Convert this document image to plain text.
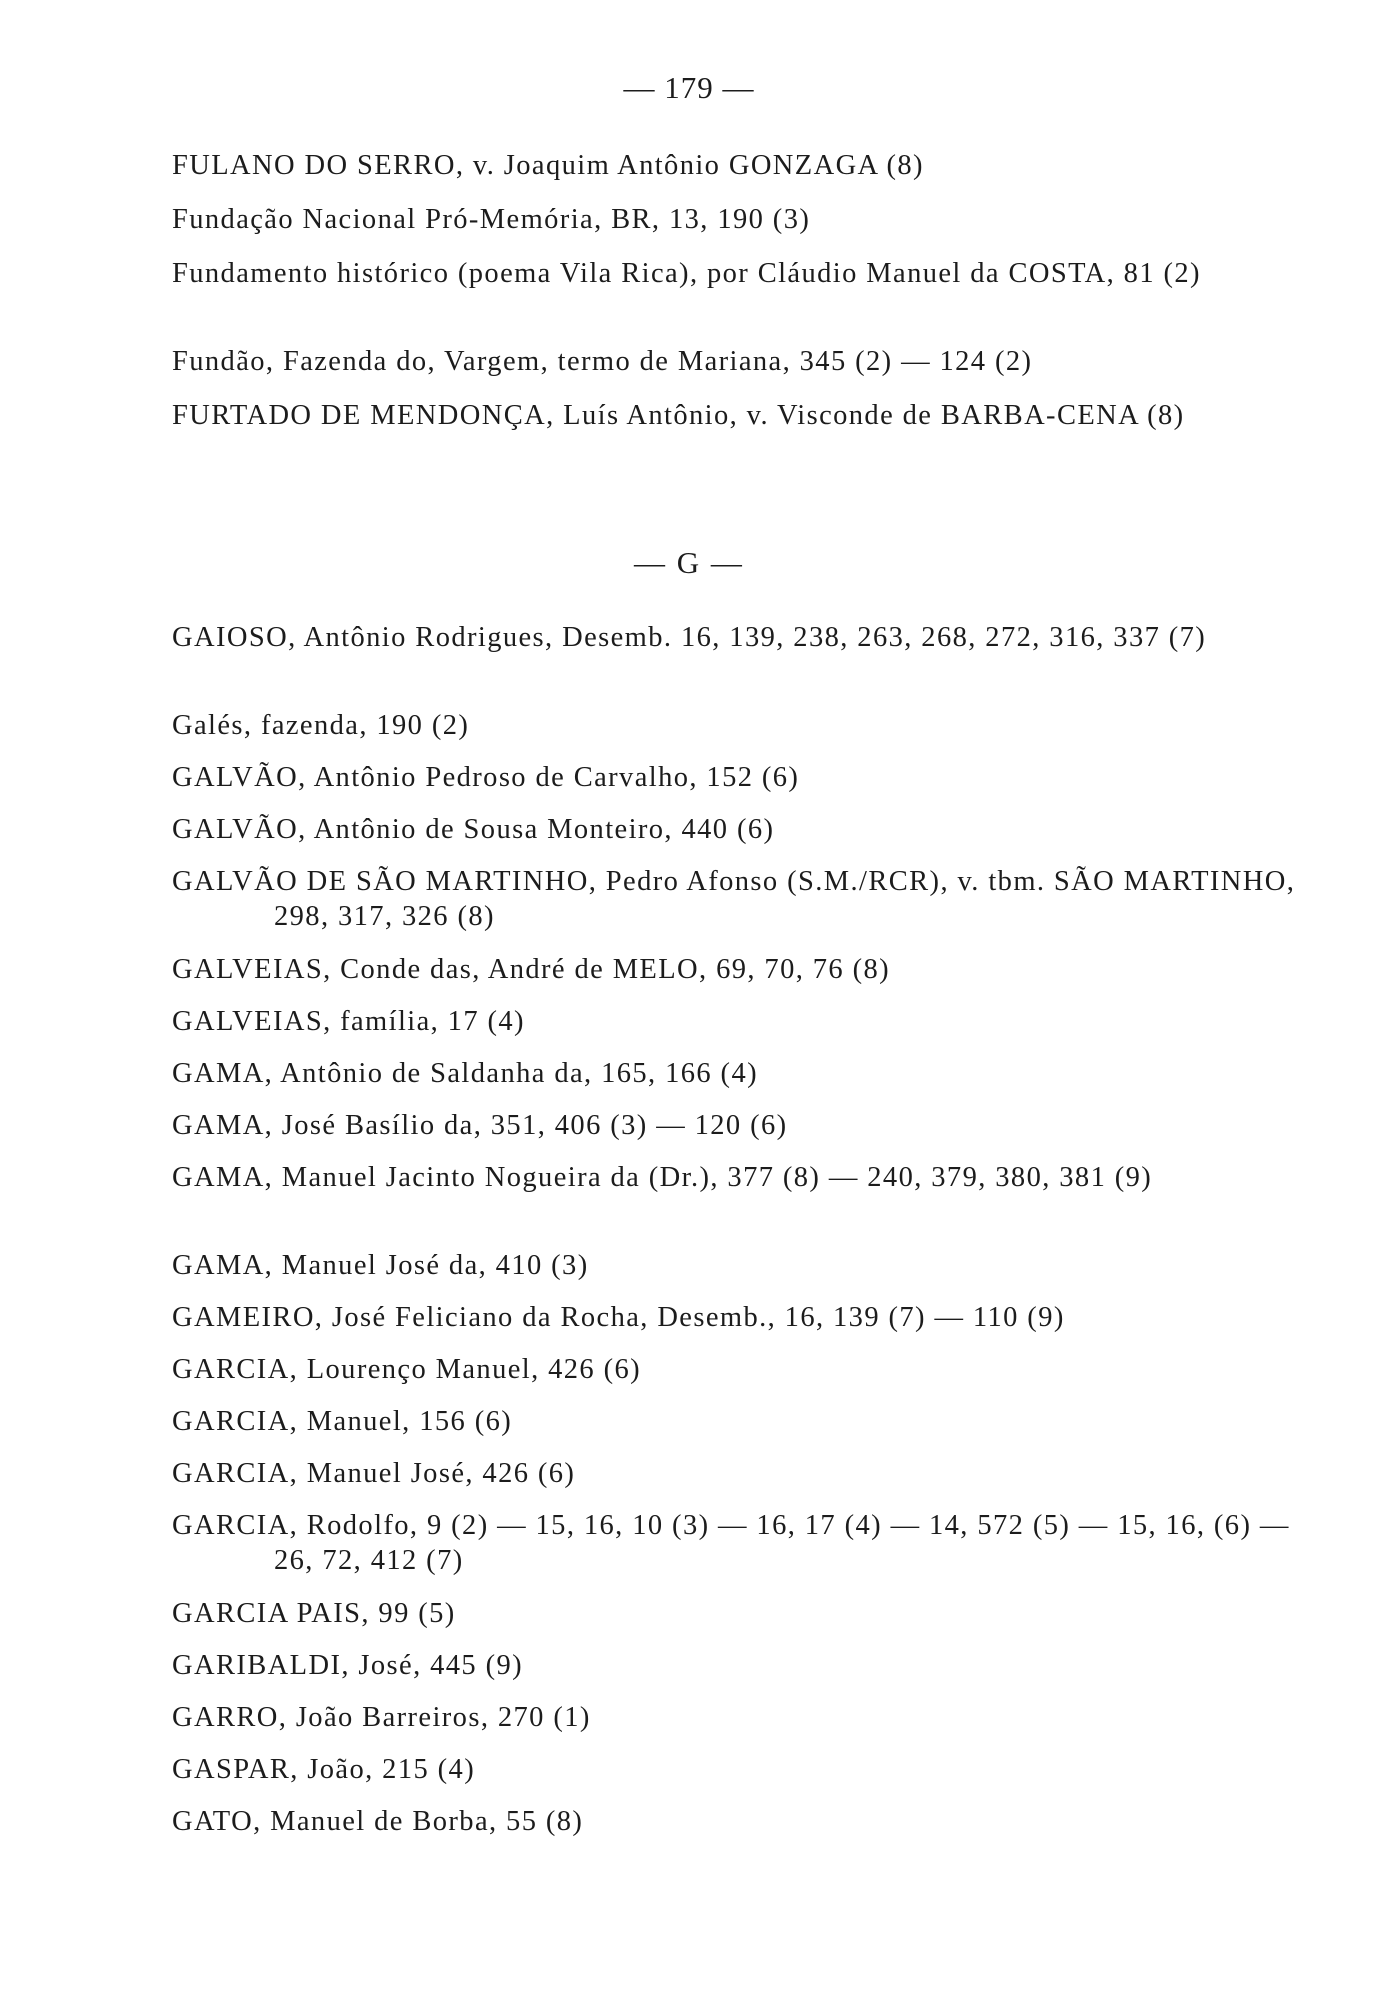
— 179 —
FULANO DO SERRO, v. Joaquim Antônio GONZAGA (8)
Fundação Nacional Pró-Memória, BR, 13, 190 (3)
Fundamento histórico (poema Vila Rica), por Cláudio Manuel da COSTA, 81 (2)
Fundão, Fazenda do, Vargem, termo de Mariana, 345 (2) — 124 (2)
FURTADO DE MENDONÇA, Luís Antônio, v. Visconde de BARBA-CENA (8)
— G —
GAIOSO, Antônio Rodrigues, Desemb. 16, 139, 238, 263, 268, 272, 316, 337 (7)
Galés, fazenda, 190 (2)
GALVÃO, Antônio Pedroso de Carvalho, 152 (6)
GALVÃO, Antônio de Sousa Monteiro, 440 (6)
GALVÃO DE SÃO MARTINHO, Pedro Afonso (S.M./RCR), v. tbm. SÃO MARTINHO, 298, 317, 326 (8)
GALVEIAS, Conde das, André de MELO, 69, 70, 76 (8)
GALVEIAS, família, 17 (4)
GAMA, Antônio de Saldanha da, 165, 166 (4)
GAMA, José Basílio da, 351, 406 (3) — 120 (6)
GAMA, Manuel Jacinto Nogueira da (Dr.), 377 (8) — 240, 379, 380, 381 (9)
GAMA, Manuel José da, 410 (3)
GAMEIRO, José Feliciano da Rocha, Desemb., 16, 139 (7) — 110 (9)
GARCIA, Lourenço Manuel, 426 (6)
GARCIA, Manuel, 156 (6)
GARCIA, Manuel José, 426 (6)
GARCIA, Rodolfo, 9 (2) — 15, 16, 10 (3) — 16, 17 (4) — 14, 572 (5) — 15, 16, (6) — 26, 72, 412 (7)
GARCIA PAIS, 99 (5)
GARIBALDI, José, 445 (9)
GARRO, João Barreiros, 270 (1)
GASPAR, João, 215 (4)
GATO, Manuel de Borba, 55 (8)
